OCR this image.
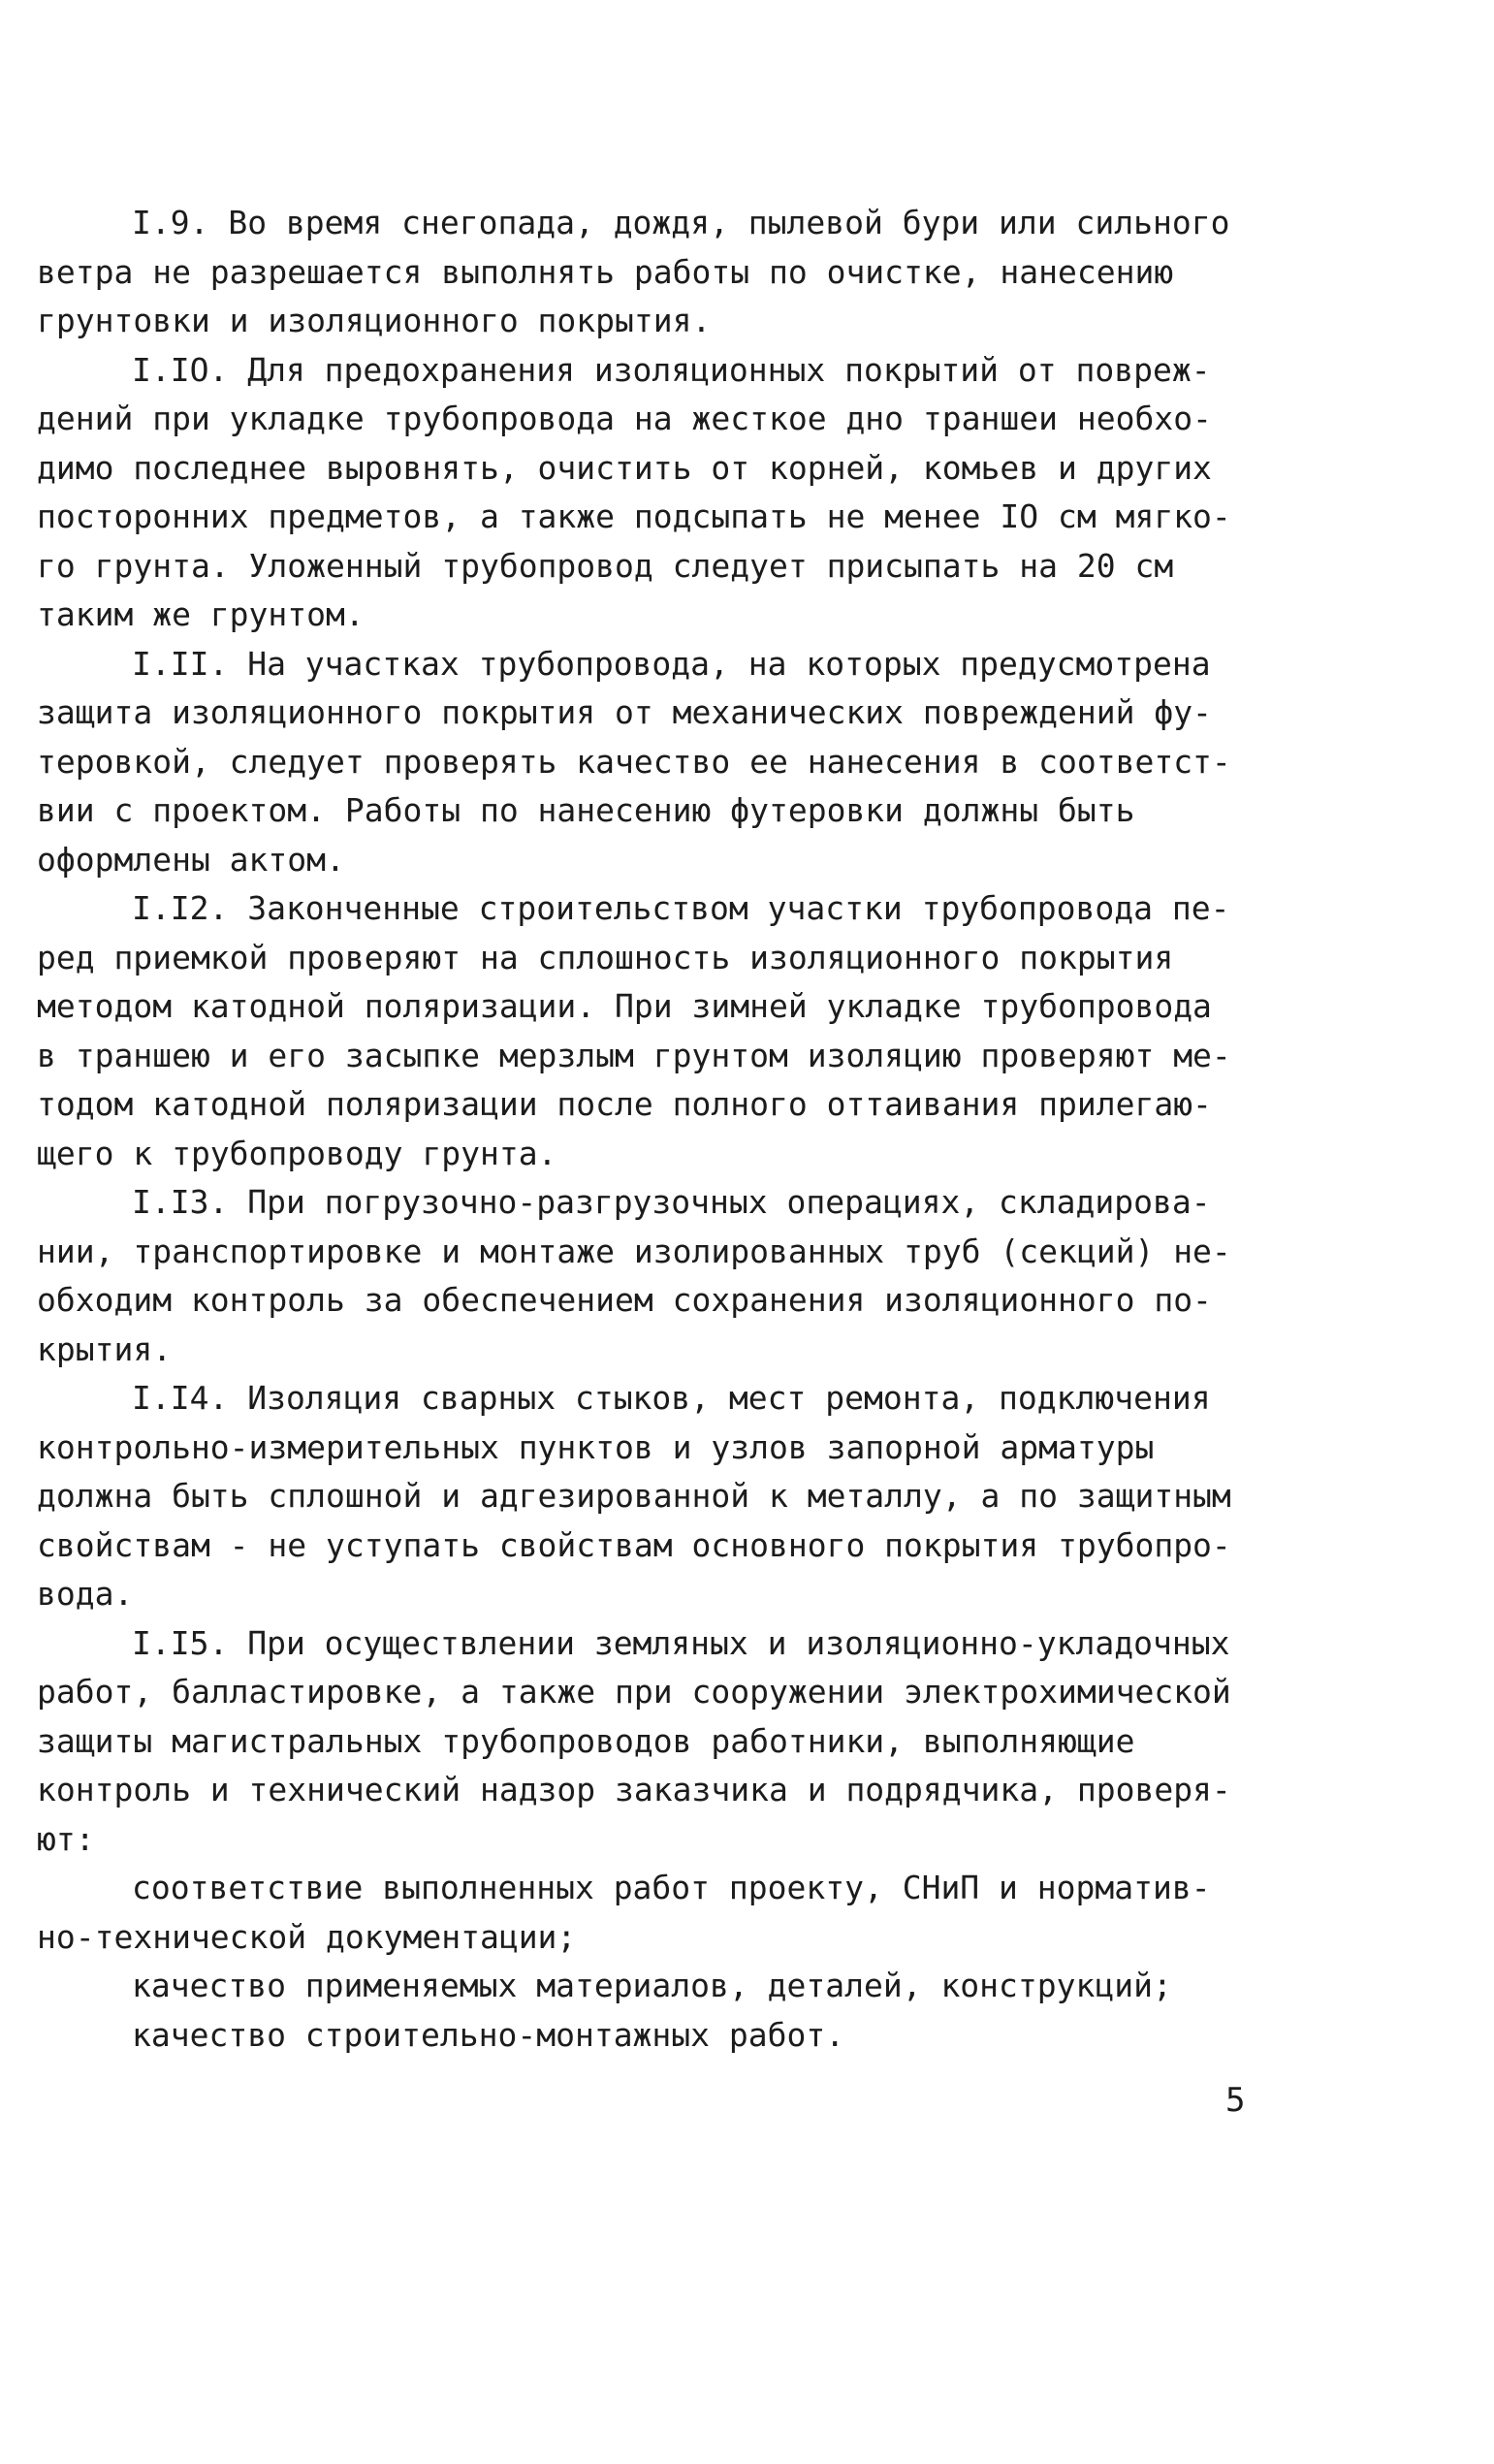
I.9. Во время снегопада, дождя, пылевой бури или сильного
ветра не разрешается выполнять работы по очистке, нанесению
грунтовки и изоляционного покрытия.
I.IO. Для предохранения изоляционных покрытий от повреж-
дений при укладке трубопровода на жесткое дно траншеи необхо-
димо последнее выровнять, очистить от корней, комьев и других
посторонних предметов, а также подсыпать не менее IO см мягко-
го грунта. Уложенный трубопровод следует присыпать на 20 см
таким же грунтом.
I.II. На участках трубопровода, на которых предусмотрена
защита изоляционного покрытия от механических повреждений фу-
теровкой, следует проверять качество ее нанесения в соответст-
вии с проектом. Работы по нанесению футеровки должны быть
оформлены актом.
I.I2. Законченные строительством участки трубопровода пе-
ред приемкой проверяют на сплошность изоляционного покрытия
методом катодной поляризации. При зимней укладке трубопровода
в траншею и его засыпке мерзлым грунтом изоляцию проверяют ме-
тодом катодной поляризации после полного оттаивания прилегаю-
щего к трубопроводу грунта.
I.I3. При погрузочно-разгрузочных операциях, складирова-
нии, транспортировке и монтаже изолированных труб (секций) не-
обходим контроль за обеспечением сохранения изоляционного по-
крытия.
I.I4. Изоляция сварных стыков, мест ремонта, подключения
контрольно-измерительных пунктов и узлов запорной арматуры
должна быть сплошной и адгезированной к металлу, а по защитным
свойствам - не уступать свойствам основного покрытия трубопро-
вода.
I.I5. При осуществлении земляных и изоляционно-укладочных
работ, балластировке, а также при сооружении электрохимической
защиты магистральных трубопроводов работники, выполняющие
контроль и технический надзор заказчика и подрядчика, проверя-
ют:
соответствие выполненных работ проекту, СНиП и норматив-
но-технической документации;
качество применяемых материалов, деталей, конструкций;
качество строительно-монтажных работ.
5
